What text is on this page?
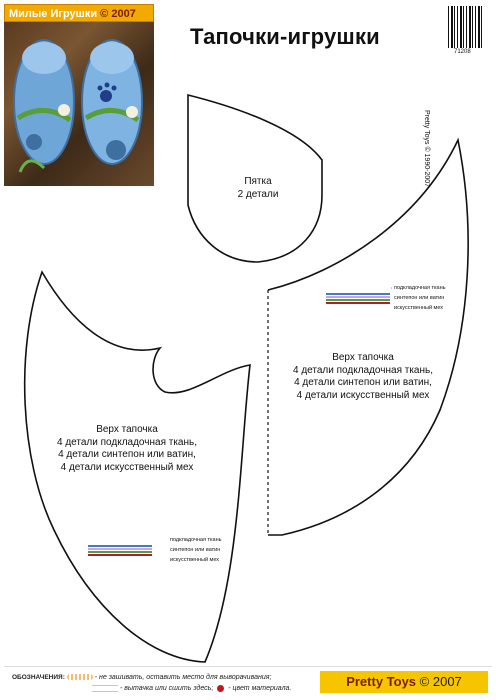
Милые Игрушки © 2007
Тапочки-игрушки
71208
Pretty Toys © 1990-2007
Пятка
2 детали
Верх тапочка
4 детали подкладочная ткань,
4 детали синтепон или ватин,
4 детали искусственный мех
подкладочная ткань
синтепон или ватин
искусственный мех
Верх тапочка
4 детали подкладочная ткань,
4 детали синтепон или ватин,
4 детали искусственный мех
подкладочная ткань
синтепон или ватин
искусственный мех
ОБОЗНАЧЕНИЯ:	- не зашивать, оставить место для выворачивания;
- вытачка или сшить здесь; - цвет материала.	Pretty Toys © 2007
